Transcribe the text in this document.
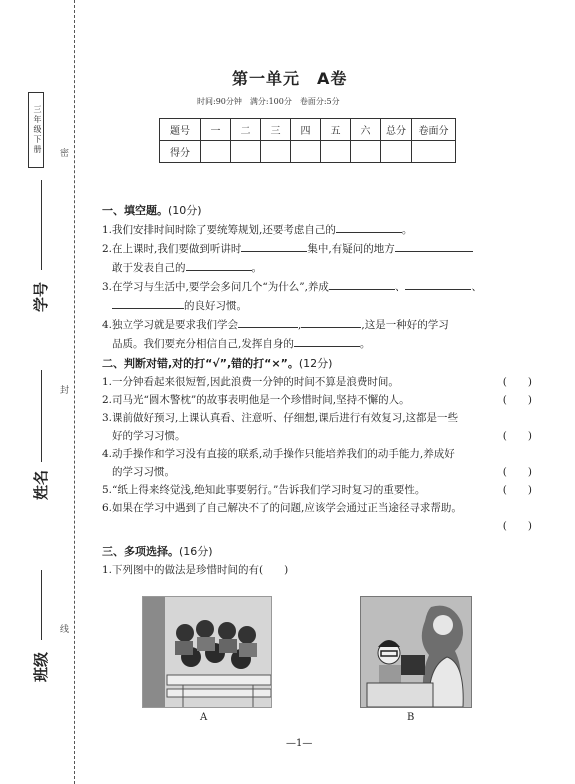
三年级下册 密
封
线
学号
姓名
班级
第一单元　A卷
时间:90分钟　满分:100分　卷面分:5分
题号	一	二	三	四	五	六	总分	卷面分
得分								
一、填空题。(10分)
1.我们安排时间时除了要统筹规划,还要考虑自己的	。
2.在上课时,我们要做到听讲时	集中,有疑问的地方
敢于发表自己的	。
3.在学习与生活中,要学会多问几个“为什么”,养成	、	、
的良好习惯。
4.独立学习就是要求我们学会	,	,这是一种好的学习
品质。我们要充分相信自己,发挥自身的	。
二、判断对错,对的打“√”,错的打“×”。(12分)
1.一分钟看起来很短暂,因此浪费一分钟的时间不算是浪费时间。	(　　)
2.司马光“圆木警枕”的故事表明他是一个珍惜时间,坚持不懈的人。	(　　)
3.课前做好预习,上课认真看、注意听、仔细想,课后进行有效复习,这都是一些
好的学习习惯。	(　　)
4.动手操作和学习没有直接的联系,动手操作只能培养我们的动手能力,养成好
的学习习惯。	(　　)
5.“纸上得来终觉浅,绝知此事要躬行。”告诉我们学习时复习的重要性。	(　　)
6.如果在学习中遇到了自己解决不了的问题,应该学会通过正当途径寻求帮助。
(　　)
三、多项选择。(16分)
1.下列图中的做法是珍惜时间的有(　　)
A	B
—1—
